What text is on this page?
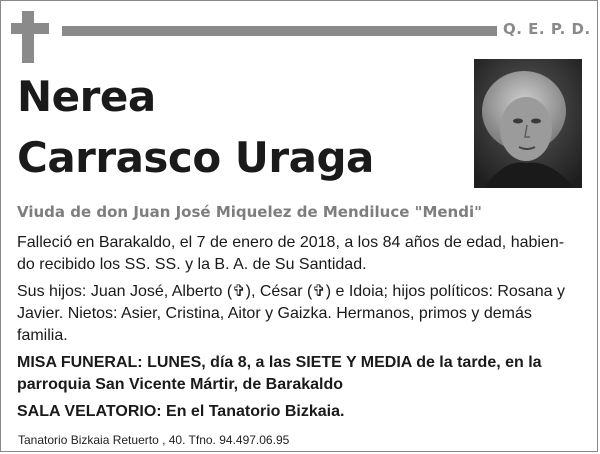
Q. E. P. D.
Nerea
Carrasco Uraga
Viuda de don Juan José Miquelez de Mendiluce "Mendi"
Falleció en Barakaldo, el 7 de enero de 2018, a los 84 años de edad, habien-
do recibido los SS. SS. y la B. A. de Su Santidad.
Sus hijos: Juan José, Alberto (✞), César (✞) e Idoia; hijos políticos: Rosana y
Javier. Nietos: Asier, Cristina, Aitor y Gaizka. Hermanos, primos y demás
familia.
MISA FUNERAL: LUNES, día 8, a las SIETE Y MEDIA de la tarde, en la
parroquia San Vicente Mártir, de Barakaldo
SALA VELATORIO: En el Tanatorio Bizkaia.
Tanatorio Bizkaia Retuerto , 40. Tfno. 94.497.06.95
